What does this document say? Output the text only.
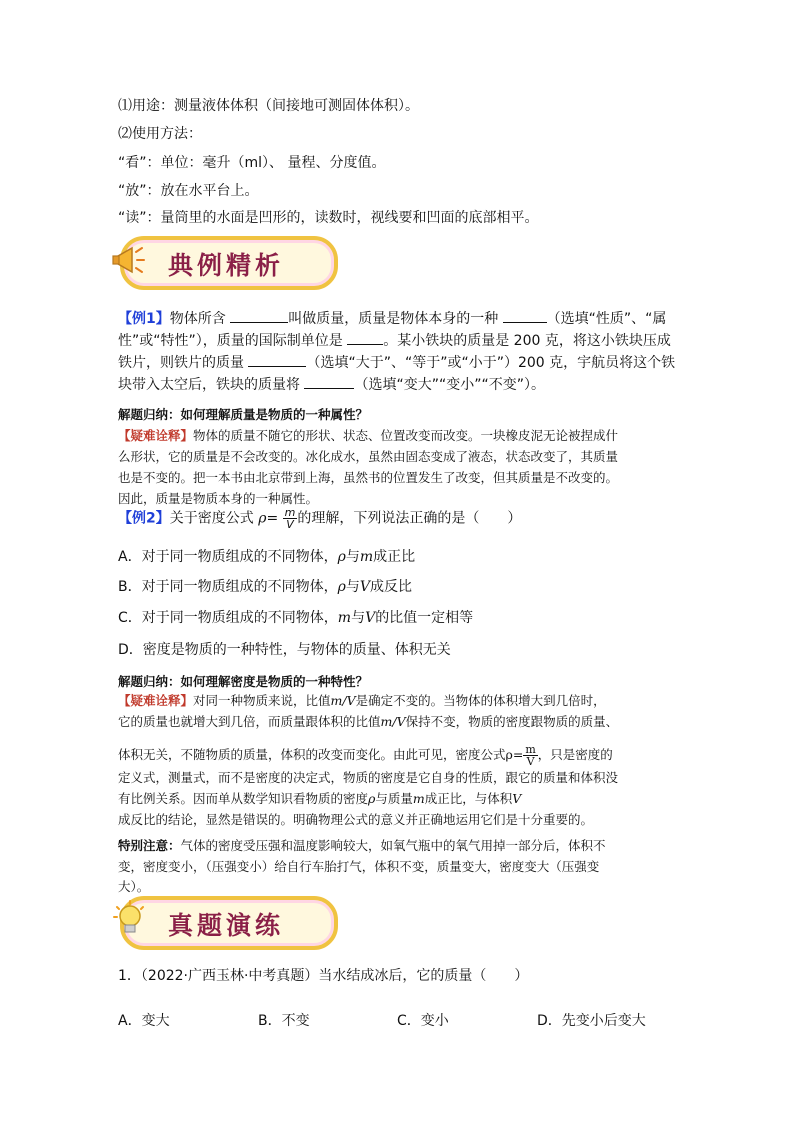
⑴用途：测量液体体积（间接地可测固体体积）。
⑵使用方法：
“看”：单位：毫升（ml）、 量程、分度值。
“放”：放在水平台上。
“读”：量筒里的水面是凹形的，读数时，视线要和凹面的底部相平。
典例精析
【例1】物体所含	叫做质量，质量是物体本身的一种	（选填“性质”、“属
性”或“特性”），质量的国际制单位是	。某小铁块的质量是 200 克，将这小铁块压成
铁片，则铁片的质量	（选填“大于”、“等于”或“小于”）200 克，宇航员将这个铁
块带入太空后，铁块的质量将	（选填“变大”“变小”“不变”）。
解题归纳：如何理解质量是物质的一种属性？
【疑难诠释】物体的质量不随它的形状、状态、位置改变而改变。一块橡皮泥无论被捏成什
么形状，它的质量是不会改变的。冰化成水，虽然由固态变成了液态，状态改变了，其质量
也是不变的。把一本书由北京带到上海，虽然书的位置发生了改变，但其质量是不改变的。
因此，质量是物质本身的一种属性。
【例2】关于密度公式 $\rho= \frac{m}{V}$ 的理解，下列说法正确的是（　　）
A．对于同一物质组成的不同物体，ρ与m成正比
B．对于同一物质组成的不同物体，ρ与V成反比
C．对于同一物质组成的不同物体，m与V的比值一定相等
D．密度是物质的一种特性，与物体的质量、体积无关
解题归纳：如何理解密度是物质的一种特性？
【疑难诠释】对同一种物质来说，比值m/V是确定不变的。当物体的体积增大到几倍时，
它的质量也就增大到几倍，而质量跟体积的比值m/V保持不变，物质的密度跟物质的质量、
体积无关，不随物质的质量，体积的改变而变化。由此可见，密度公式$\rho= \frac{m}{V}$ ，只是密度的
定义式，测量式，而不是密度的决定式，物质的密度是它自身的性质，跟它的质量和体积没
有比例关系。因而单从数学知识看物质的密度ρ与质量m成正比，与体积V
成反比的结论，显然是错误的。明确物理公式的意义并正确地运用它们是十分重要的。
特别注意：气体的密度受压强和温度影响较大，如氧气瓶中的氧气用掉一部分后，体积不
变，密度变小，（压强变小）给自行车胎打气，体积不变，质量变大，密度变大（压强变
大）。
真题演练
1．（2022·广西玉林·中考真题）当水结成冰后，它的质量（　　）
A．变大	B．不变	C．变小	D．先变小后变大
